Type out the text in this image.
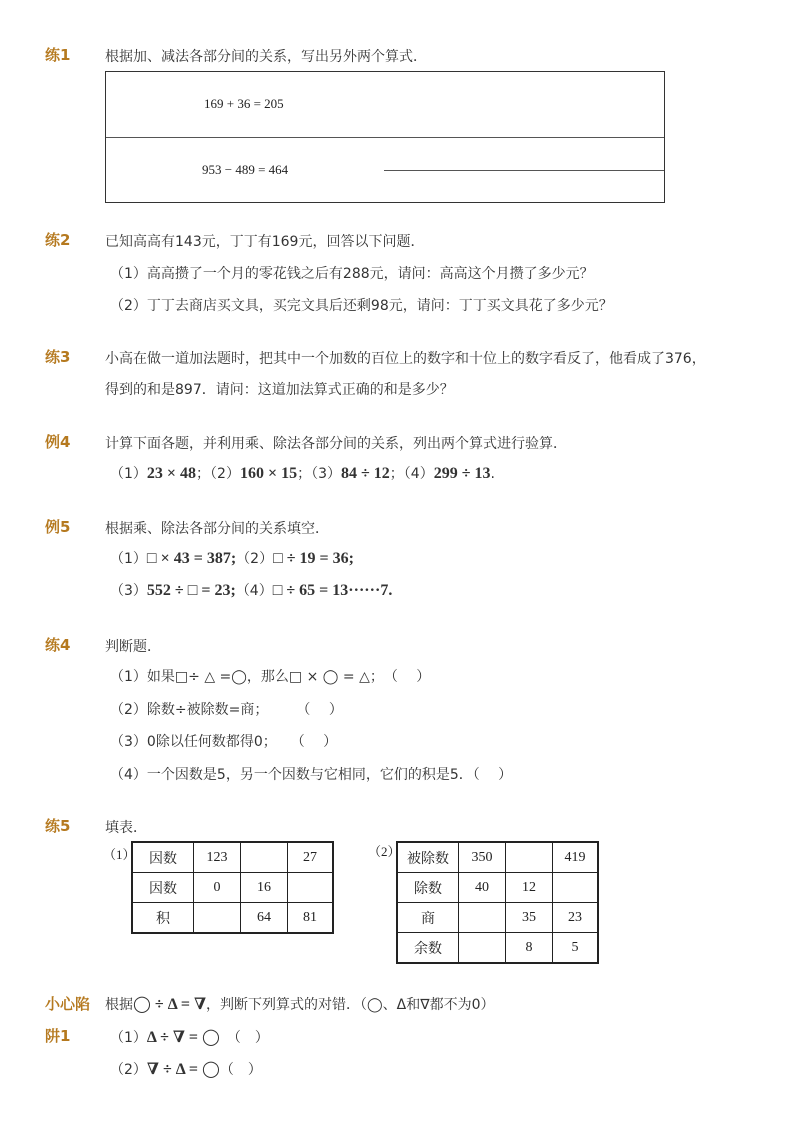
练1 根据加、减法各部分间的关系，写出另外两个算式．
169 + 36 = 205
953 − 489 = 464
练2 已知高高有143元，丁丁有169元，回答以下问题．
（1）高高攒了一个月的零花钱之后有288元，请问：高高这个月攒了多少元？
（2）丁丁去商店买文具，买完文具后还剩98元，请问：丁丁买文具花了多少元？
练3 小高在做一道加法题时，把其中一个加数的百位上的数字和十位上的数字看反了，他看成了376，
得到的和是897．请问：这道加法算式正确的和是多少？
例4 计算下面各题，并利用乘、除法各部分间的关系，列出两个算式进行验算．
（1）23 × 48；（2）160 × 15；（3）84 ÷ 12；（4）299 ÷ 13.
例5 根据乘、除法各部分间的关系填空．
（1）□ × 43 = 387;（2）□ ÷ 19 = 36;
（3）552 ÷ □ = 23;（4）□ ÷ 65 = 13······7.
练4 判断题．
（1）如果□÷ △ =◯，那么□ × ◯ = △；　（　 ）
（2）除数÷被除数=商；　　　（　 ）
（3）0除以任何数都得0；　　（　 ）
（4）一个因数是5，另一个因数与它相同，它们的积是5．（　 ）
练5 填表．
（1） 因数	123		27
因数	0	16	
积		64	81
（2） 被除数	350		419
除数	40	12	
商		35	23
余数		8	5
小心陷
阱1
根据◯ ÷ Δ = ∇，判断下列算式的对错．（◯、Δ和∇都不为0）
（1）Δ ÷ ∇ = ◯　（　）
（2）∇ ÷ Δ = ◯（　）
